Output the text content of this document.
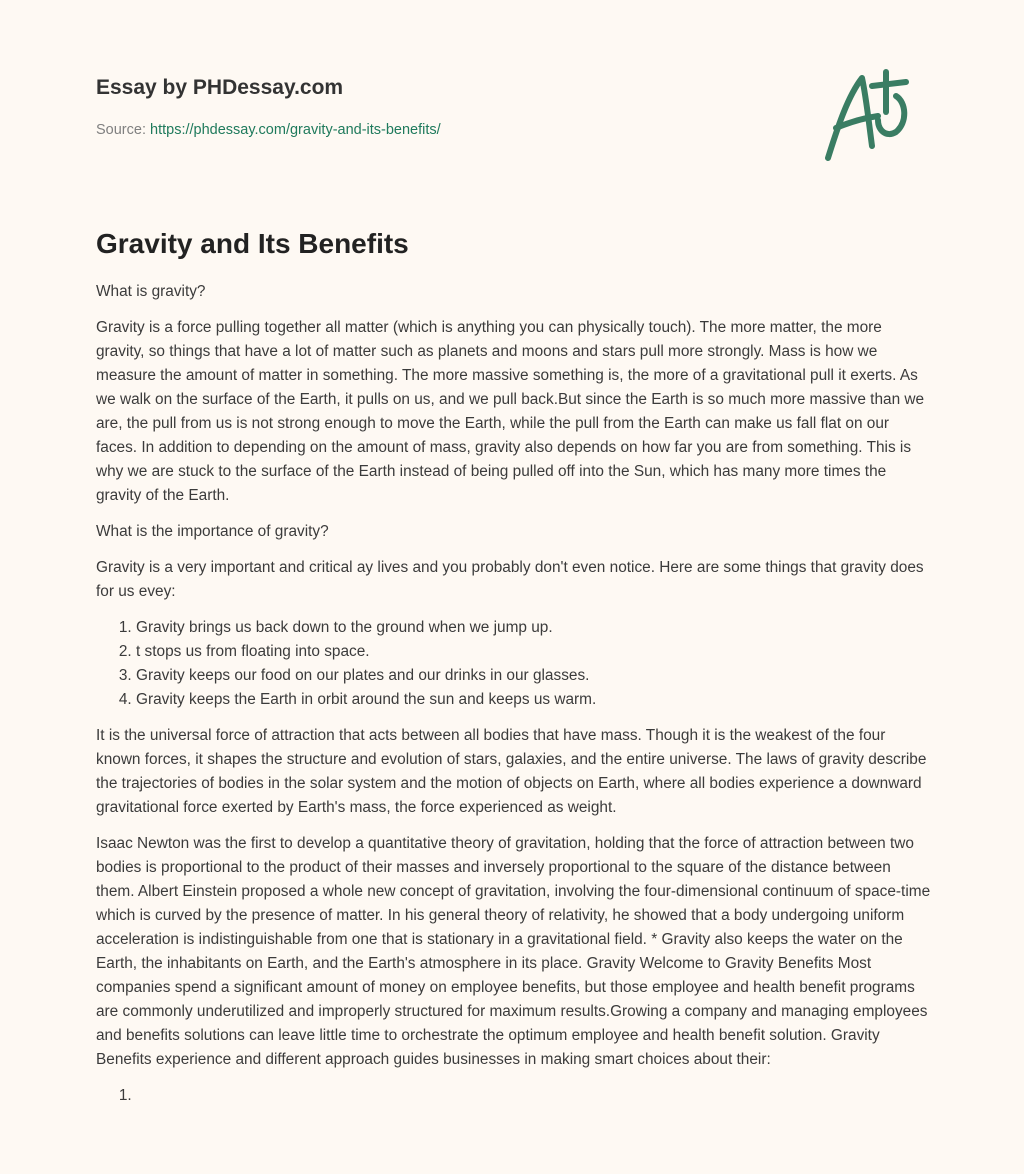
Essay by PHDessay.com
Source: https://phdessay.com/gravity-and-its-benefits/
Gravity and Its Benefits

What is gravity?

Gravity is a force pulling together all matter (which is anything you can physically touch). The more matter, the more gravity, so things that have a lot of matter such as planets and moons and stars pull more strongly. Mass is how we measure the amount of matter in something. The more massive something is, the more of a gravitational pull it exerts. As we walk on the surface of the Earth, it pulls on us, and we pull back.But since the Earth is so much more massive than we are, the pull from us is not strong enough to move the Earth, while the pull from the Earth can make us fall flat on our faces. In addition to depending on the amount of mass, gravity also depends on how far you are from something. This is why we are stuck to the surface of the Earth instead of being pulled off into the Sun, which has many more times the gravity of the Earth.

What is the importance of gravity?

Gravity is a very important and critical ay lives and you probably don't even notice. Here are some things that gravity does for us evey:

1. Gravity brings us back down to the ground when we jump up.
2. t stops us from floating into space.
3. Gravity keeps our food on our plates and our drinks in our glasses.
4. Gravity keeps the Earth in orbit around the sun and keeps us warm.

It is the universal force of attraction that acts between all bodies that have mass. Though it is the weakest of the four known forces, it shapes the structure and evolution of stars, galaxies, and the entire universe. The laws of gravity describe the trajectories of bodies in the solar system and the motion of objects on Earth, where all bodies experience a downward gravitational force exerted by Earth's mass, the force experienced as weight.

Isaac Newton was the first to develop a quantitative theory of gravitation, holding that the force of attraction between two bodies is proportional to the product of their masses and inversely proportional to the square of the distance between them. Albert Einstein proposed a whole new concept of gravitation, involving the four-dimensional continuum of space-time which is curved by the presence of matter. In his general theory of relativity, he showed that a body undergoing uniform acceleration is indistinguishable from one that is stationary in a gravitational field. * Gravity also keeps the water on the Earth, the inhabitants on Earth, and the Earth's atmosphere in its place. Gravity Welcome to Gravity Benefits Most companies spend a significant amount of money on employee benefits, but those employee and health benefit programs are commonly underutilized and improperly structured for maximum results.Growing a company and managing employees and benefits solutions can leave little time to orchestrate the optimum employee and health benefit solution. Gravity Benefits experience and different approach guides businesses in making smart choices about their:

1.
